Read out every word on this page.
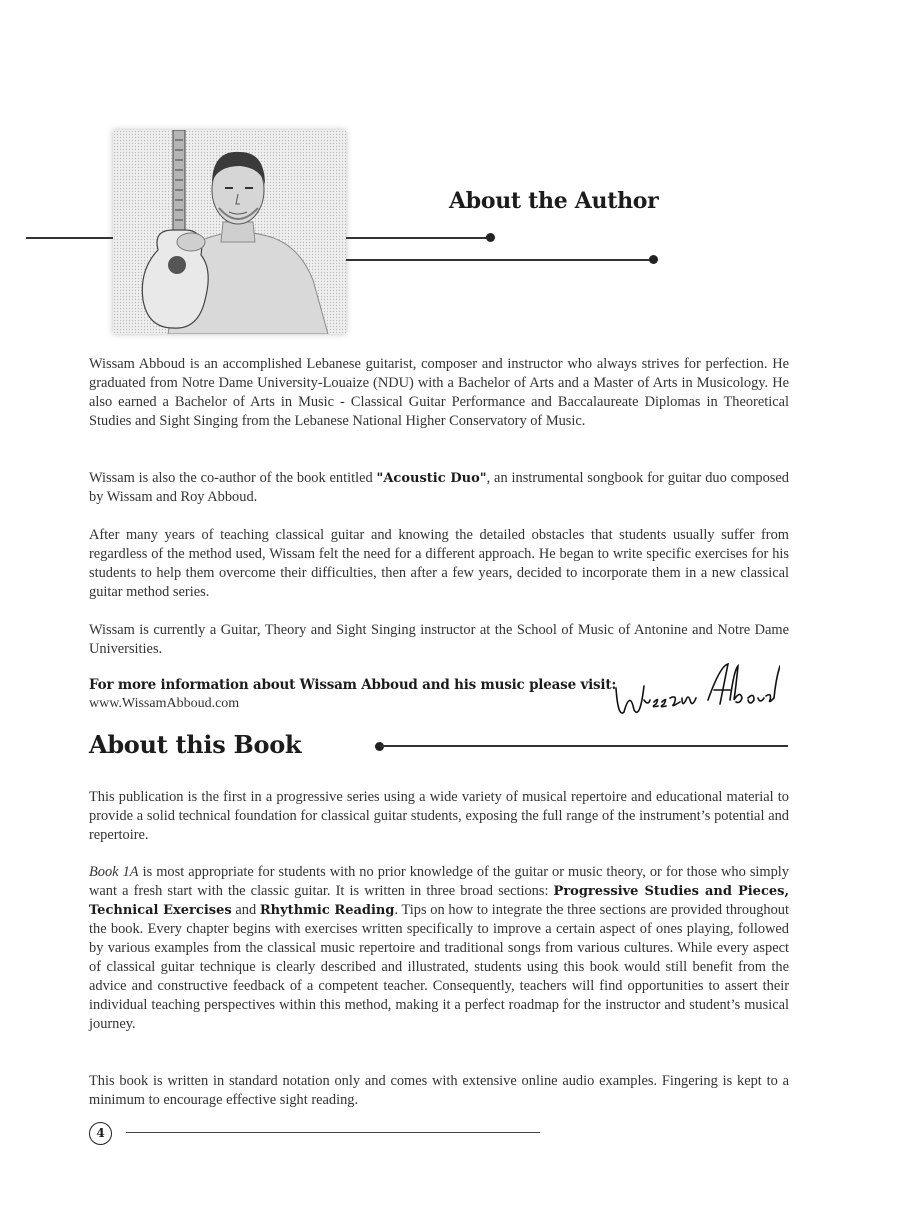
About the Author
Wissam Abboud is an accomplished Lebanese guitarist, composer and instructor who always strives for perfection. He graduated from Notre Dame University-Louaize (NDU) with a Bachelor of Arts and a Master of Arts in Musicology. He also earned a Bachelor of Arts in Music - Classical Guitar Performance and Baccalaureate Diplomas in Theoretical Studies and Sight Singing from the Lebanese National Higher Conservatory of Music.
Wissam is also the co-author of the book entitled "Acoustic Duo", an instrumental songbook for guitar duo composed by Wissam and Roy Abboud.
After many years of teaching classical guitar and knowing the detailed obstacles that students usually suffer from regardless of the method used, Wissam felt the need for a different approach. He began to write specific exercises for his students to help them overcome their difficulties, then after a few years, decided to incorporate them in a new classical guitar method series.
Wissam is currently a Guitar, Theory and Sight Singing instructor at the School of Music of Antonine and Notre Dame Universities.
For more information about Wissam Abboud and his music please visit:
www.WissamAbboud.com
About this Book
This publication is the first in a progressive series using a wide variety of musical repertoire and educational material to provide a solid technical foundation for classical guitar students, exposing the full range of the instrument’s potential and repertoire.
Book 1A is most appropriate for students with no prior knowledge of the guitar or music theory, or for those who simply want a fresh start with the classic guitar. It is written in three broad sections: Progressive Studies and Pieces, Technical Exercises and Rhythmic Reading. Tips on how to integrate the three sections are provided throughout the book. Every chapter begins with exercises written specifically to improve a certain aspect of ones playing, followed by various examples from the classical music repertoire and traditional songs from various cultures. While every aspect of classical guitar technique is clearly described and illustrated, students using this book would still benefit from the advice and constructive feedback of a competent teacher. Consequently, teachers will find opportunities to assert their individual teaching perspectives within this method, making it a perfect roadmap for the instructor and student’s musical journey.
This book is written in standard notation only and comes with extensive online audio examples. Fingering is kept to a minimum to encourage effective sight reading.
4
